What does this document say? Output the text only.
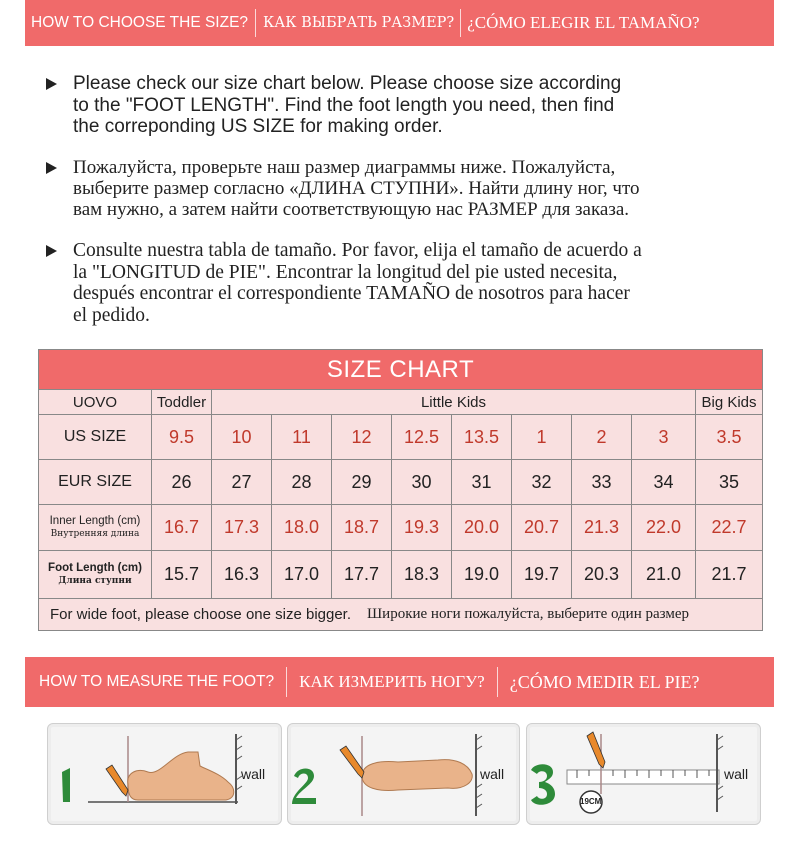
HOW TO CHOOSE THE SIZE? КАК ВЫБРАТЬ РАЗМЕР? ¿CÓMO ELEGIR EL TAMAÑO?
Please check our size chart below. Please choose size according
to the "FOOT LENGTH". Find the foot length you need, then find
the correponding US SIZE for making order.
Пожалуйста, проверьте наш размер диаграммы ниже. Пожалуйста,
выберите размер согласно «ДЛИНА СТУПНИ». Найти длину ног, что
вам нужно, а затем найти соответствующую нас РАЗМЕР для заказа.
Consulte nuestra tabla de tamaño. Por favor, elija el tamaño de acuerdo a
la "LONGITUD de PIE". Encontrar la longitud del pie usted necesita,
después encontrar el correspondiente TAMAÑO de nosotros para hacer
el pedido.
SIZE CHART
UOVO	Toddler	Little Kids	Big Kids
US SIZE	9.5	10	11	12	12.5	13.5	1	2	3	3.5
EUR SIZE	26	27	28	29	30	31	32	33	34	35
Inner Length (cm)
Внутренняя длина	16.7	17.3	18.0	18.7	19.3	20.0	20.7	21.3	22.0	22.7
Foot Length (cm)
Длина ступни	15.7	16.3	17.0	17.7	18.3	19.0	19.7	20.3	21.0	21.7
For wide foot, please choose one size bigger. Широкие ноги пожалуйста, выберите один размер
HOW TO MEASURE THE FOOT? КАК ИЗМЕРИТЬ НОГУ? ¿CÓMO MEDIR EL PIE?
wall	wall
19CM
wall
